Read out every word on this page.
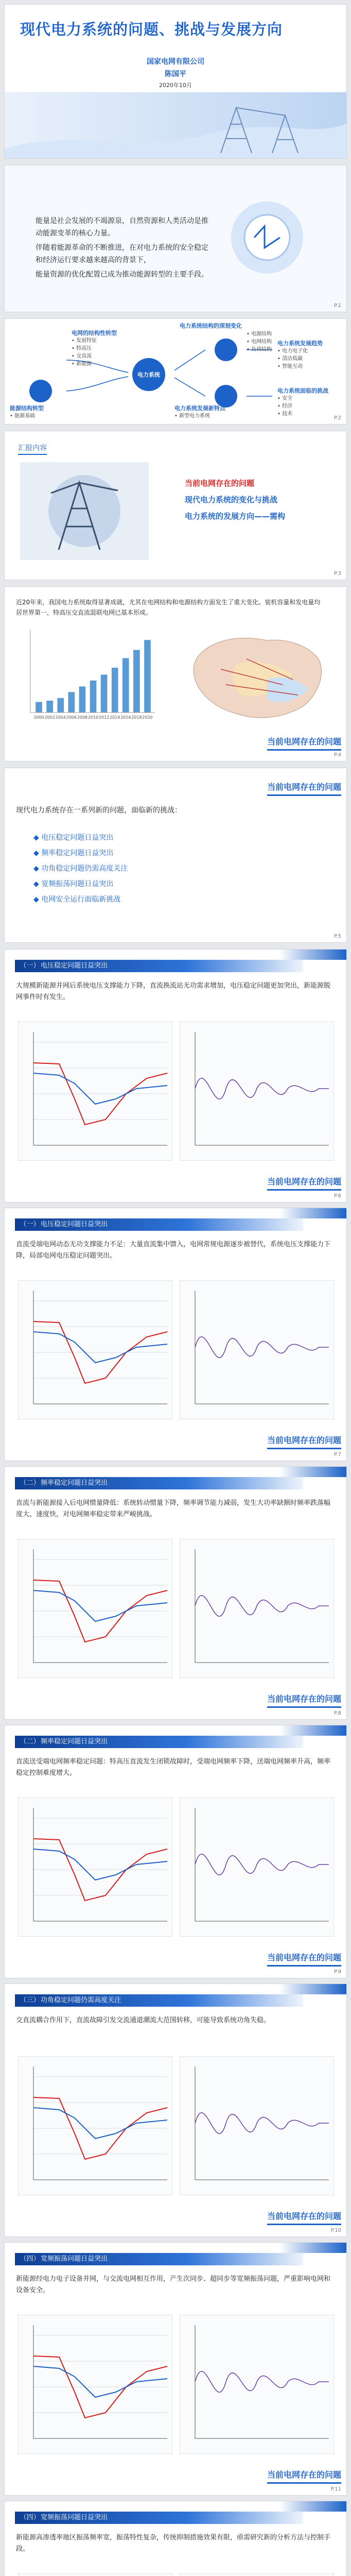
现代电力系统的问题、挑战与发展方向
国家电网有限公司
陈国平
2020年10月
能量是社会发展的不竭源泉，自然资源和人类活动是推动能源变革的核心力量。
伴随着能源革命的不断推进，在对电力系统的安全稳定和经济运行要求越来越高的背景下，
能量资源的优化配置已成为推动能源转型的主要手段。
P.1
电力系统
电网的结构性转型
• 发展特征
• 特高压
• 交直流
• 新能源
能源结构转型
• 能源基础
电力系统结构的深刻变化
• 电源结构
• 电网结构
• 负荷结构
电力系统发展趋势
• 电力电子化
• 清洁低碳
• 智能互动
电力系统发展新特点
• 新型电力系统
电力系统面临的挑战
• 安全
• 经济
• 技术
P.2
汇报内容
当前电网存在的问题
现代电力系统的变化与挑战
电力系统的发展方向——需构
P.3
近20年来，我国电力系统取得显著成就，尤其在电网结构和电源结构方面发生了重大变化。装机容量和发电量均居世界第一，特高压交直流混联电网已基本形成。
2000 2002 2004 2006 2008 2010 2012 2014 2016 2018 2020
当前电网存在的问题
P.4
当前电网存在的问题
现代电力系统存在一系列新的问题，面临新的挑战：
◆ 电压稳定问题日益突出
◆ 频率稳定问题日益突出
◆ 功角稳定问题仍需高度关注
◆ 宽频振荡问题日益突出
◆ 电网安全运行面临新挑战
P.5
（一） 电压稳定问题日益突出
大规模新能源并网后系统电压支撑能力下降，直流换流站无功需求增加，电压稳定问题更加突出，新能源脱网事件时有发生。
当前电网存在的问题
P.6
（一） 电压稳定问题日益突出
直流受端电网动态无功支撑能力不足：大量直流集中馈入，电网常规电源逐步被替代，系统电压支撑能力下降，局部电网电压稳定问题突出。
当前电网存在的问题
P.7
（二） 频率稳定问题日益突出
直流与新能源接入后电网惯量降低：系统转动惯量下降，频率调节能力减弱，发生大功率缺额时频率跌落幅度大、速度快，对电网频率稳定带来严峻挑战。
当前电网存在的问题
P.8
（二） 频率稳定问题日益突出
直流送受端电网频率稳定问题：特高压直流发生闭锁故障时，受端电网频率下降，送端电网频率升高，频率稳定控制难度增大。
当前电网存在的问题
P.9
（三） 功角稳定问题仍需高度关注
交直流耦合作用下，直流故障引发交流通道潮流大范围转移，可能导致系统功角失稳。
当前电网存在的问题
P.10
（四） 宽频振荡问题日益突出
新能源经电力电子设备并网，与交流电网相互作用，产生次同步、超同步等宽频振荡问题，严重影响电网和设备安全。
当前电网存在的问题
P.11
（四） 宽频振荡问题日益突出
新能源高渗透率地区振荡频率宽，振荡特性复杂，传统抑制措施效果有限，亟需研究新的分析方法与控制手段。
